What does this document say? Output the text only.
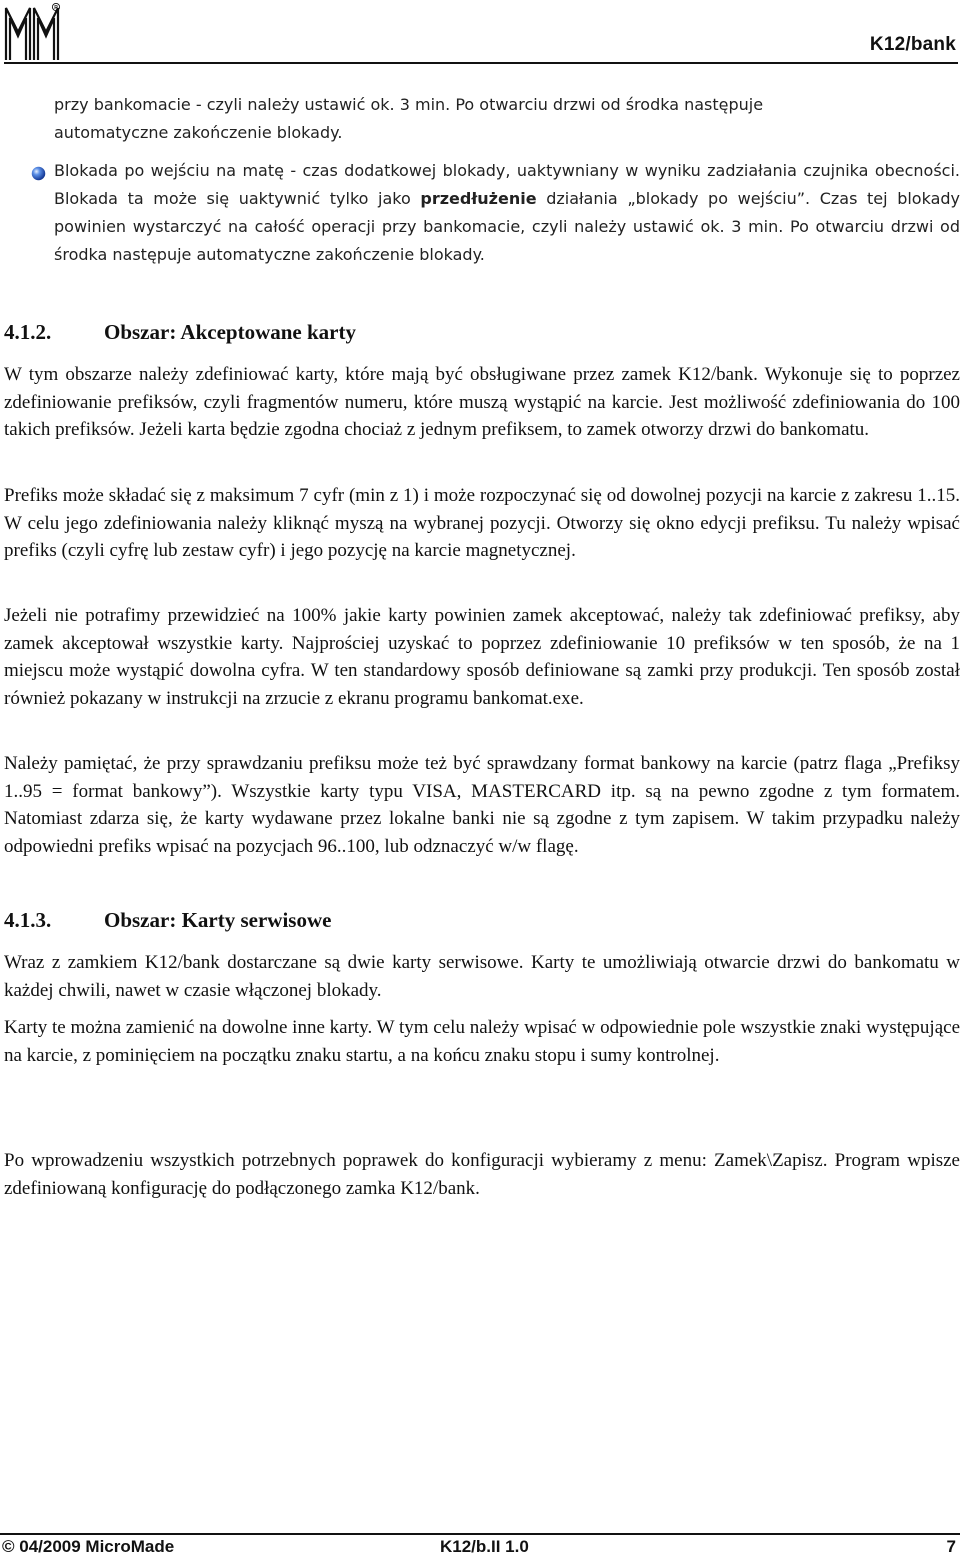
R
K12/bank
przy bankomacie - czyli należy ustawić ok. 3 min. Po otwarciu drzwi od środka następuje
automatyczne zakończenie blokady.
Blokada po wejściu na matę - czas dodatkowej blokady, uaktywniany w wyniku zadziałania czujnika obecności. Blokada ta może się uaktywnić tylko jako przedłużenie działania „blokady po wejściu”. Czas tej blokady powinien wystarczyć na całość operacji przy bankomacie, czyli należy ustawić ok. 3 min. Po otwarciu drzwi od środka następuje automatyczne zakończenie blokady.
4.1.2.	Obszar: Akceptowane karty

W tym obszarze należy zdefiniować karty, które mają być obsługiwane przez zamek K12/bank. Wykonuje się to poprzez zdefiniowanie prefiksów, czyli fragmentów numeru, które muszą wystąpić na karcie. Jest możliwość zdefiniowania do 100 takich prefiksów. Jeżeli karta będzie zgodna chociaż z jednym prefiksem, to zamek otworzy drzwi do bankomatu.

Prefiks może składać się z maksimum 7 cyfr (min z 1) i może rozpoczynać się od dowolnej pozycji na karcie z zakresu 1..15. W celu jego zdefiniowania należy kliknąć myszą na wybranej pozycji. Otworzy się okno edycji prefiksu. Tu należy wpisać prefiks (czyli cyfrę lub zestaw cyfr) i jego pozycję na karcie magnetycznej.

Jeżeli nie potrafimy przewidzieć na 100% jakie karty powinien zamek akceptować, należy tak zdefiniować prefiksy, aby zamek akceptował wszystkie karty. Najprościej uzyskać to poprzez zdefiniowanie 10 prefiksów w ten sposób, że na 1 miejscu może wystąpić dowolna cyfra. W ten standardowy sposób definiowane są zamki przy produkcji. Ten sposób został również pokazany w instrukcji na zrzucie z ekranu programu bankomat.exe.

Należy pamiętać, że przy sprawdzaniu prefiksu może też być sprawdzany format bankowy na karcie (patrz flaga „Prefiksy 1..95 = format bankowy”). Wszystkie karty typu VISA, MASTERCARD itp. są na pewno zgodne z tym formatem. Natomiast zdarza się, że karty wydawane przez lokalne banki nie są zgodne z tym zapisem. W takim przypadku należy odpowiedni prefiks wpisać na pozycjach 96..100, lub odznaczyć w/w flagę.

4.1.3.	Obszar: Karty serwisowe

Wraz z zamkiem K12/bank dostarczane są dwie karty serwisowe. Karty te umożliwiają otwarcie drzwi do bankomatu w każdej chwili, nawet w czasie włączonej blokady.

Karty te można zamienić na dowolne inne karty. W tym celu należy wpisać w odpowiednie pole wszystkie znaki występujące na karcie, z pominięciem na początku znaku startu, a na końcu znaku stopu i sumy kontrolnej.

Po wprowadzeniu wszystkich potrzebnych poprawek do konfiguracji wybieramy z menu: Zamek\Zapisz. Program wpisze zdefiniowaną konfigurację do podłączonego zamka K12/bank.

© 04/2009 MicroMade	K12/b.II 1.0	7
